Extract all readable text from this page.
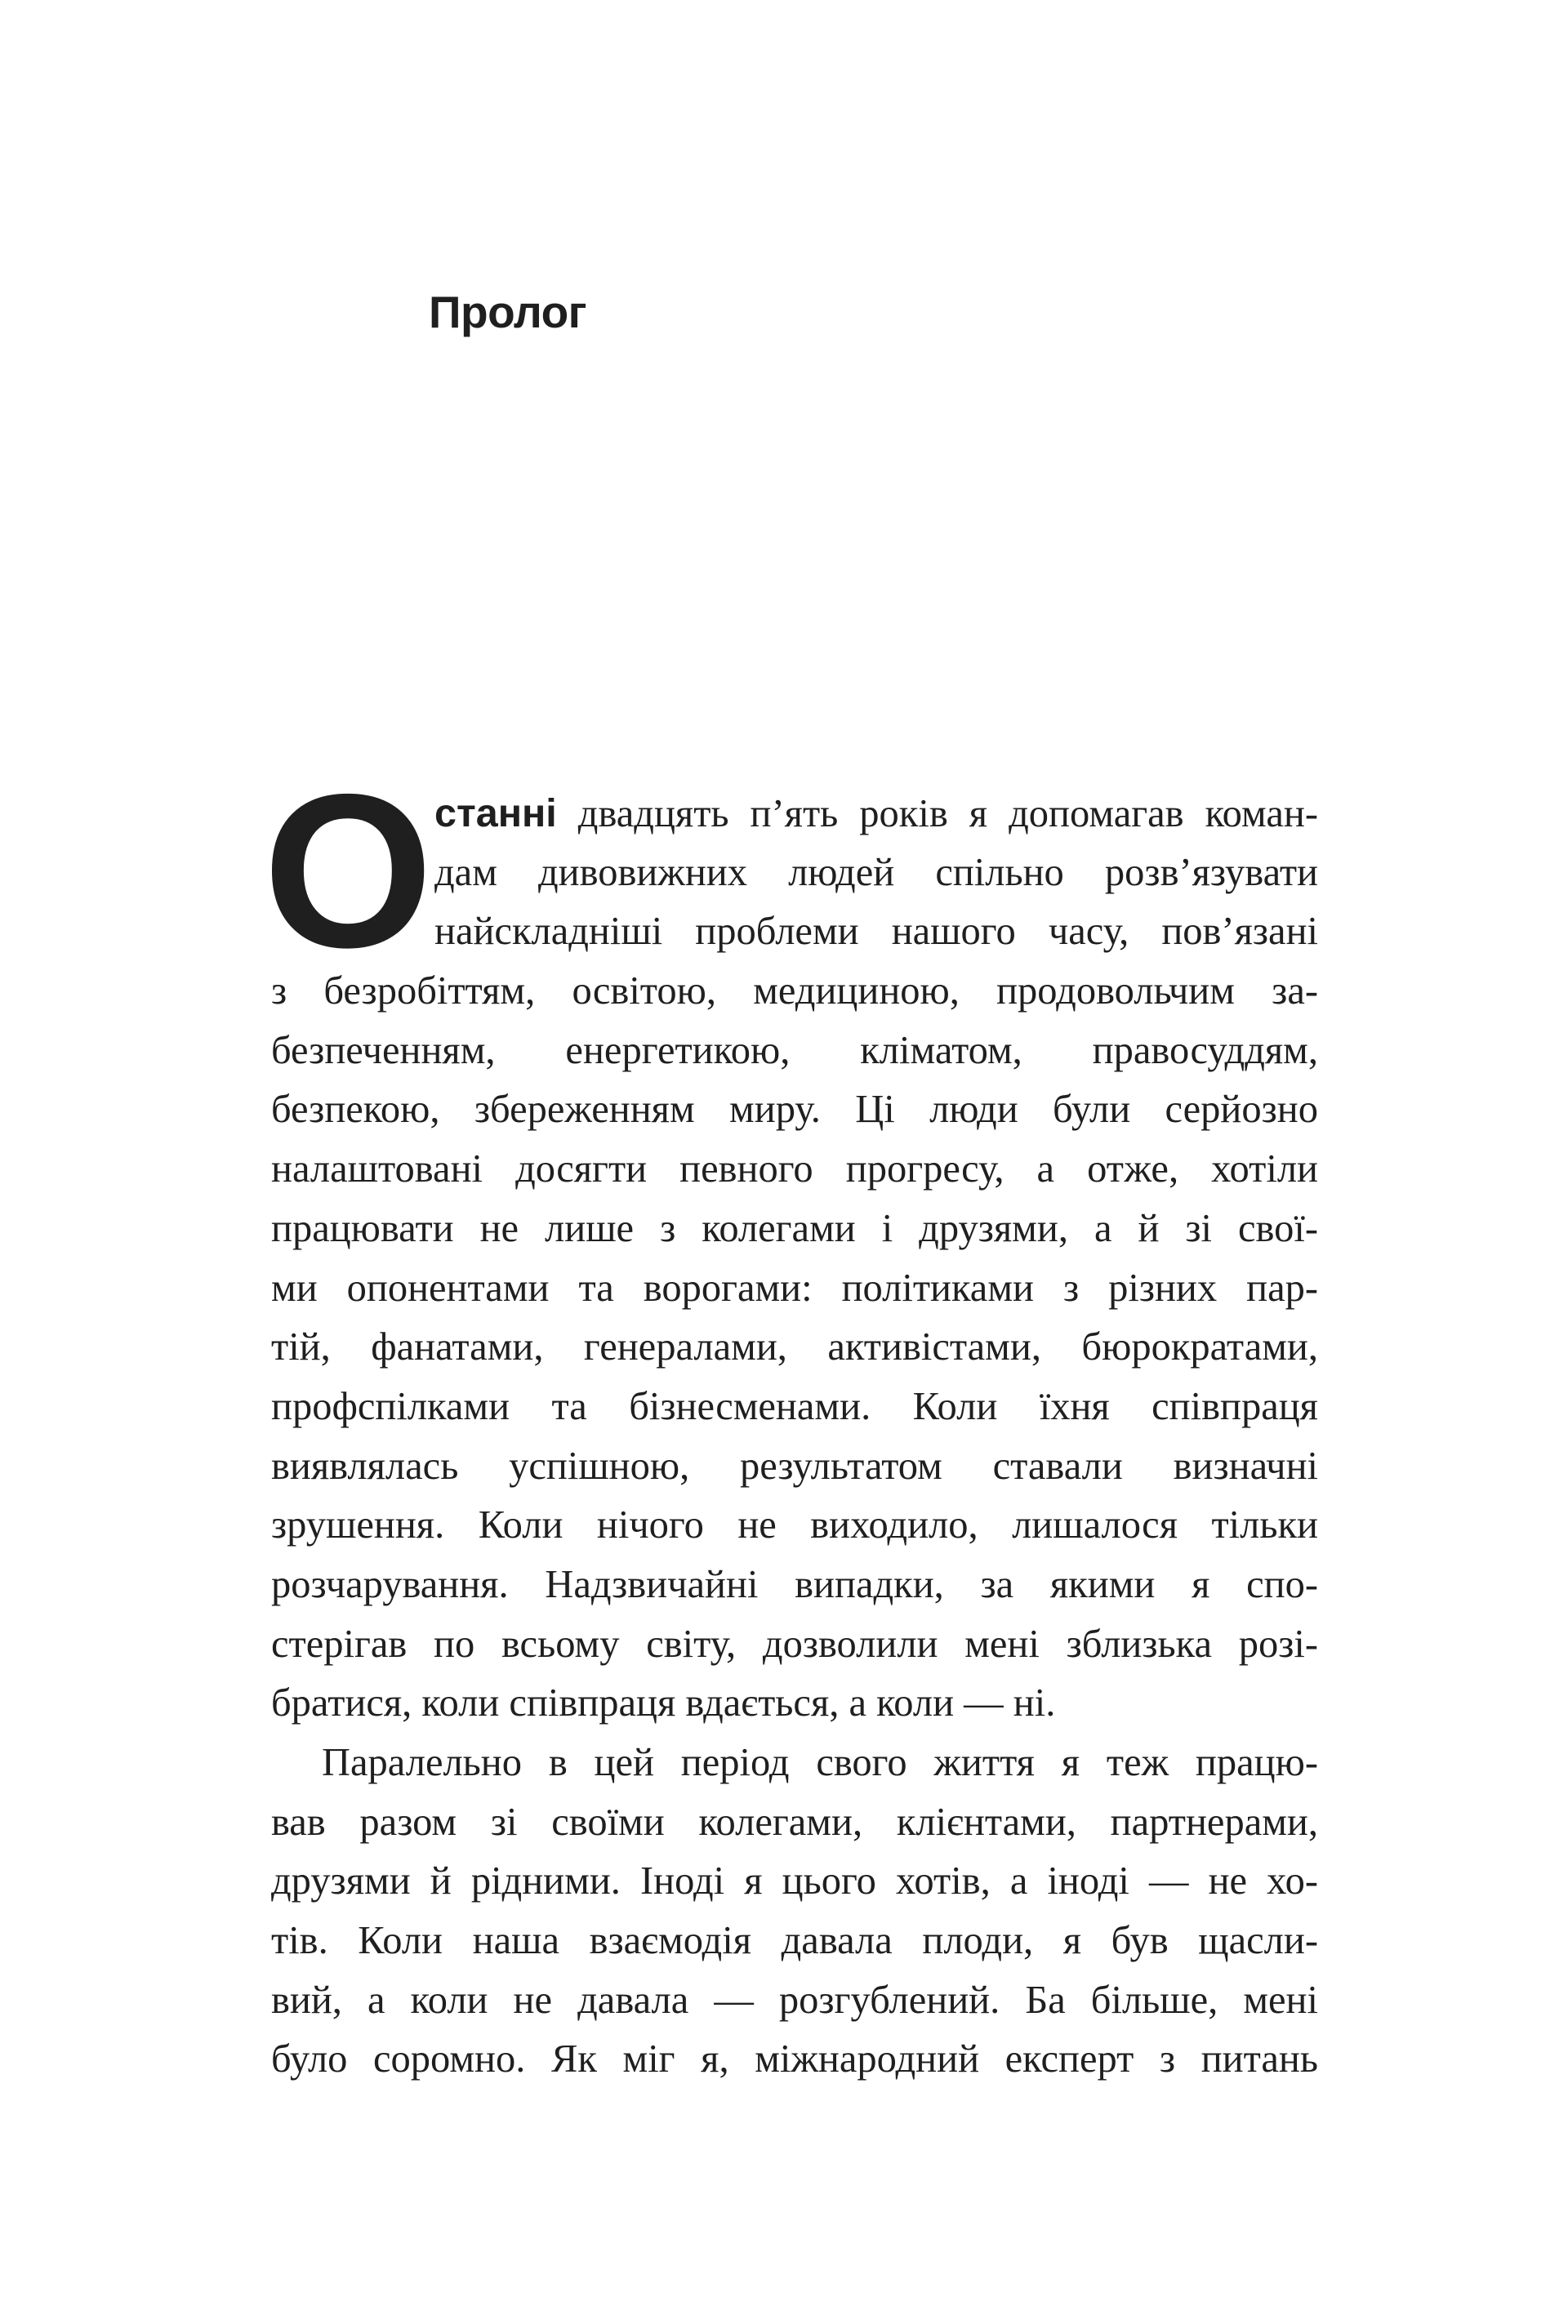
Пролог
О станні двадцять п’ять років я допомагав коман-
дам дивовижних людей спільно розв’язувати
найскладніші проблеми нашого часу, пов’язані
з безробіттям, освітою, медициною, продовольчим за-
безпеченням, енергетикою, кліматом, правосуддям,
безпекою, збереженням миру. Ці люди були серйозно
налаштовані досягти певного прогресу, а отже, хотіли
працювати не лише з колегами і друзями, а й зі свої-
ми опонентами та ворогами: політиками з різних пар-
тій, фанатами, генералами, активістами, бюрократами,
профспілками та бізнесменами. Коли їхня співпраця
виявлялась успішною, результатом ставали визначні
зрушення. Коли нічого не виходило, лишалося тільки
розчарування. Надзвичайні випадки, за якими я спо-
стерігав по всьому світу, дозволили мені зблизька розі-
братися, коли співпраця вдається, а коли — ні.
Паралельно в цей період свого життя я теж працю-
вав разом зі своїми колегами, клієнтами, партнерами,
друзями й рідними. Іноді я цього хотів, а іноді — не хо-
тів. Коли наша взаємодія давала плоди, я був щасли-
вий, а коли не давала — розгублений. Ба більше, мені
було соромно. Як міг я, міжнародний експерт з питань
